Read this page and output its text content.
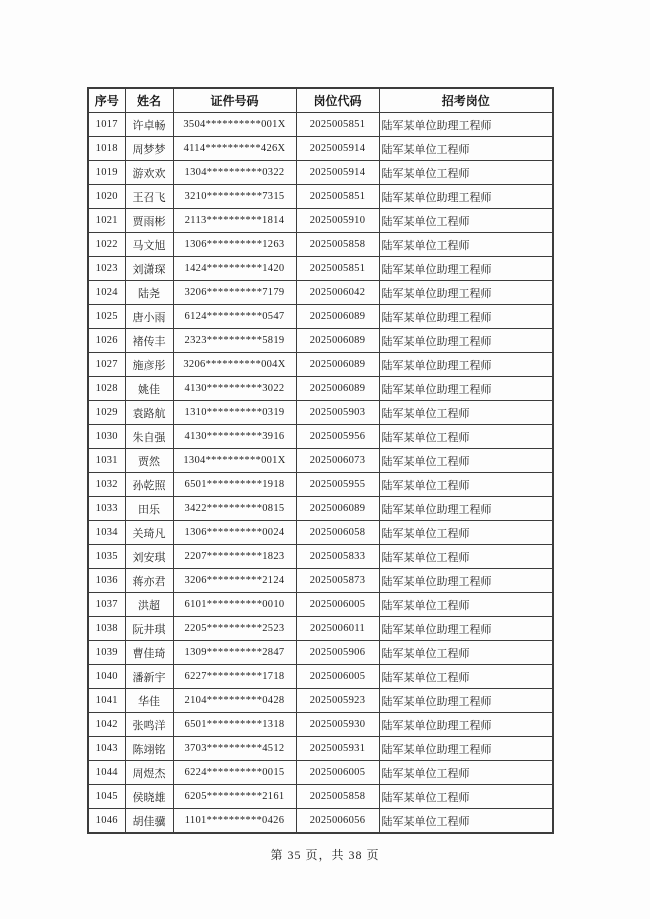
序号	姓名	证件号码	岗位代码	招考岗位
1017	许卓畅	3504**********001X	2025005851	陆军某单位助理工程师
1018	周梦梦	4114**********426X	2025005914	陆军某单位工程师
1019	游欢欢	1304**********0322	2025005914	陆军某单位工程师
1020	王召飞	3210**********7315	2025005851	陆军某单位助理工程师
1021	贾雨彬	2113**********1814	2025005910	陆军某单位工程师
1022	马文旭	1306**********1263	2025005858	陆军某单位工程师
1023	刘潇琛	1424**********1420	2025005851	陆军某单位助理工程师
1024	陆尧	3206**********7179	2025006042	陆军某单位助理工程师
1025	唐小雨	6124**********0547	2025006089	陆军某单位助理工程师
1026	褚传丰	2323**********5819	2025006089	陆军某单位助理工程师
1027	施彦彤	3206**********004X	2025006089	陆军某单位助理工程师
1028	姚佳	4130**********3022	2025006089	陆军某单位助理工程师
1029	袁路航	1310**********0319	2025005903	陆军某单位工程师
1030	朱自强	4130**********3916	2025005956	陆军某单位工程师
1031	贾然	1304**********001X	2025006073	陆军某单位工程师
1032	孙乾照	6501**********1918	2025005955	陆军某单位工程师
1033	田乐	3422**********0815	2025006089	陆军某单位助理工程师
1034	关琦凡	1306**********0024	2025006058	陆军某单位工程师
1035	刘安琪	2207**********1823	2025005833	陆军某单位工程师
1036	蒋亦君	3206**********2124	2025005873	陆军某单位助理工程师
1037	洪超	6101**********0010	2025006005	陆军某单位工程师
1038	阮井琪	2205**********2523	2025006011	陆军某单位助理工程师
1039	曹佳琦	1309**********2847	2025005906	陆军某单位工程师
1040	潘新宇	6227**********1718	2025006005	陆军某单位工程师
1041	华佳	2104**********0428	2025005923	陆军某单位助理工程师
1042	张鸣洋	6501**********1318	2025005930	陆军某单位助理工程师
1043	陈翊铭	3703**********4512	2025005931	陆军某单位助理工程师
1044	周煜杰	6224**********0015	2025006005	陆军某单位工程师
1045	侯晓雄	6205**********2161	2025005858	陆军某单位工程师
1046	胡佳骥	1101**********0426	2025006056	陆军某单位工程师
第 35 页，共 38 页
